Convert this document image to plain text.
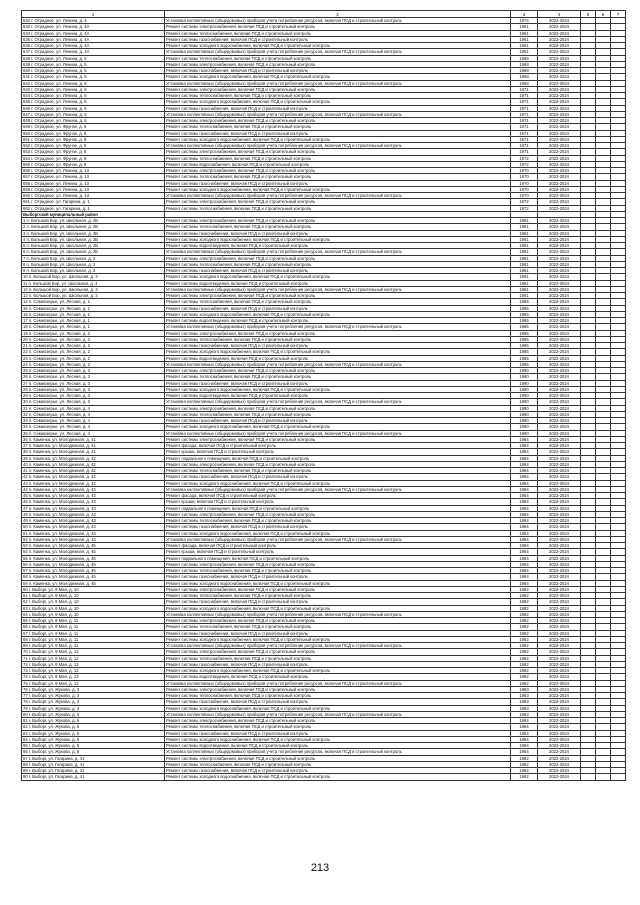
1	2	3	4	5	6	7
632 г. Отрадное, ул. Ленина, д. 4	Установка коллективных (общедомовых) приборов учета потребления ресурсов, включая ПСД и строительный контроль	1974	2022-2024			
633 г. Отрадное, ул. Ленина, д. 4А	Ремонт системы электроснабжения, включая ПСД и строительный контроль	1961	2022-2024			
634 г. Отрадное, ул. Ленина, д. 4А	Ремонт системы теплоснабжения, включая ПСД и строительный контроль	1961	2022-2024			
635 г. Отрадное, ул. Ленина, д. 4А	Ремонт системы газоснабжения, включая ПСД и строительный контроль	1961	2022-2024			
636 г. Отрадное, ул. Ленина, д. 4А	Ремонт системы холодного водоснабжения, включая ПСД и строительный контроль	1961	2022-2024			
637 г. Отрадное, ул. Ленина, д. 4А	Установка коллективных (общедомовых) приборов учета потребления ресурсов, включая ПСД и строительный контроль	1961	2022-2024			
638 г. Отрадное, ул. Ленина, д. 5	Ремонт системы теплоснабжения, включая ПСД и строительный контроль	1968	2022-2024			
639 г. Отрадное, ул. Ленина, д. 5	Ремонт системы электроснабжения, включая ПСД и строительный контроль	1968	2022-2024			
640 г. Отрадное, ул. Ленина, д. 5	Ремонт системы газоснабжения, включая ПСД и строительный контроль	1968	2022-2024			
641 г. Отрадное, ул. Ленина, д. 5	Ремонт системы холодного водоснабжения, включая ПСД и строительный контроль	1968	2022-2024			
642 г. Отрадное, ул. Ленина, д. 5	Установка коллективных (общедомовых) приборов учета потребления ресурсов, включая ПСД и строительный контроль	1968	2022-2024			
643 г. Отрадное, ул. Ленина, д. 6	Ремонт системы электроснабжения, включая ПСД и строительный контроль	1971	2022-2024			
644 г. Отрадное, ул. Ленина, д. 6	Ремонт системы теплоснабжения, включая ПСД и строительный контроль	1971	2022-2024			
645 г. Отрадное, ул. Ленина, д. 6	Ремонт системы холодного водоснабжения, включая ПСД и строительный контроль	1971	2022-2024			
646 г. Отрадное, ул. Ленина, д. 6	Ремонт системы газоснабжения, включая ПСД и строительный контроль	1971	2022-2024			
647 г. Отрадное, ул. Ленина, д. 6	Установка коллективных (общедомовых) приборов учета потребления ресурсов, включая ПСД и строительный контроль	1971	2022-2024			
648 г. Отрадное, ул. Ленина, д. 6	Ремонт системы электроснабжения, включая ПСД и строительный контроль	1971	2022-2024			
649 г. Отрадное, ул. Фрунзе, д. 8	Ремонт системы теплоснабжения, включая ПСД и строительный контроль	1971	2022-2024			
650 г. Отрадное, ул. Фрунзе, д. 8	Ремонт системы газоснабжения, включая ПСД и строительный контроль	1971	2022-2024			
651 г. Отрадное, ул. Фрунзе, д. 8	Ремонт системы холодного водоснабжения, включая ПСД и строительный контроль	1971	2022-2024			
652 г. Отрадное, ул. Фрунзе, д. 8	Установка коллективных (общедомовых) приборов учета потребления ресурсов, включая ПСД и строительный контроль	1971	2022-2024			
653 г. Отрадное, ул. Фрунзе, д. 8	Ремонт системы электроснабжения, включая ПСД и строительный контроль	1971	2022-2024			
654 г. Отрадное, ул. Фрунзе, д. 8	Ремонт системы теплоснабжения, включая ПСД и строительный контроль	1972	2022-2024			
655 г. Отрадное, ул. Фрунзе, д. 8	Ремонт системы водоснабжения, включая ПСД и строительный контроль	1972	2022-2024			
656 г. Отрадное, ул. Ленина, д. 13	Ремонт системы электроснабжения, включая ПСД и строительный контроль	1970	2022-2024			
657 г. Отрадное, ул. Ленина, д. 13	Ремонт системы теплоснабжения, включая ПСД и строительный контроль	1970	2022-2024			
658 г. Отрадное, ул. Ленина, д. 13	Ремонт системы газоснабжения, включая ПСД и строительный контроль	1970	2022-2024			
659 г. Отрадное, ул. Ленина, д. 13	Ремонт системы холодного водоснабжения, включая ПСД и строительный контроль	1970	2022-2024			
660 г. Отрадное, ул. Ленина, д. 13	Установка коллективных (общедомовых) приборов учета потребления ресурсов, включая ПСД и строительный контроль	1970	2022-2024			
661 г. Отрадное, ул. Гагарина, д. 1	Ремонт системы электроснабжения, включая ПСД и строительный контроль	1972	2022-2024			
662 г. Отрадное, ул. Гагарина, д. 1	Ремонт системы теплоснабжения, включая ПСД и строительный контроль	1972	2022-2024			
Выборгский муниципальный район						
1 п. Большой Бор, ул. Школьная, д. 2Б	Ремонт системы электроснабжения, включая ПСД и строительный контроль	1981	2022-2024			
2 п. Большой Бор, ул. Школьная, д. 2Б	Ремонт системы теплоснабжения, включая ПСД и строительный контроль	1981	2022-2024			
3 п. Большой Бор, ул. Школьная, д. 2Б	Ремонт системы газоснабжения, включая ПСД и строительный контроль	1981	2022-2024			
4 п. Большой Бор, ул. Школьная, д. 2Б	Ремонт системы холодного водоснабжения, включая ПСД и строительный контроль	1981	2022-2024			
5 п. Большой Бор, ул. Школьная, д. 2Б	Ремонт системы водоотведения, включая ПСД и строительный контроль	1981	2022-2024			
6 п. Большой Бор, ул. Школьная, д. 2Б	Установка коллективных (общедомовых) приборов учета потребления ресурсов, включая ПСД и строительный контроль	1981	2022-2024			
7 п. Большой Бор, ул. Школьная, д. 3	Ремонт системы электроснабжения, включая ПСД и строительный контроль	1981	2022-2024			
8 п. Большой Бор, ул. Школьная, д. 3	Ремонт системы теплоснабжения, включая ПСД и строительный контроль	1981	2022-2024			
9 п. Большой Бор, ул. Школьная, д. 3	Ремонт системы газоснабжения, включая ПСД и строительный контроль	1981	2022-2024			
10 п. Большой Бор, ул. Школьная, д. 3	Ремонт системы холодного водоснабжения, включая ПСД и строительный контроль	1981	2022-2024			
11 п. Большой Бор, ул. Школьная, д. 3	Ремонт системы водоотведения, включая ПСД и строительный контроль	1981	2022-2024			
12 п. Большой Бор, ул. Школьная, д. 3	Установка коллективных (общедомовых) приборов учета потребления ресурсов, включая ПСД и строительный контроль	1981	2022-2024			
13 п. Большой Бор, ул. Школьная, д. 3	Ремонт системы электроснабжения, включая ПСД и строительный контроль	1981	2022-2024			
14 п. Семиозерье, ул. Лесная, д. 1	Ремонт системы теплоснабжения, включая ПСД и строительный контроль	1985	2022-2024			
15 п. Семиозерье, ул. Лесная, д. 1	Ремонт системы газоснабжения, включая ПСД и строительный контроль	1985	2022-2024			
16 п. Семиозерье, ул. Лесная, д. 1	Ремонт системы холодного водоснабжения, включая ПСД и строительный контроль	1985	2022-2024			
17 п. Семиозерье, ул. Лесная, д. 1	Ремонт системы водоотведения, включая ПСД и строительный контроль	1985	2022-2024			
18 п. Семиозерье, ул. Лесная, д. 1	Установка коллективных (общедомовых) приборов учета потребления ресурсов, включая ПСД и строительный контроль	1985	2022-2024			
19 п. Семиозерье, ул. Лесная, д. 2	Ремонт системы электроснабжения, включая ПСД и строительный контроль	1985	2022-2024			
20 п. Семиозерье, ул. Лесная, д. 2	Ремонт системы теплоснабжения, включая ПСД и строительный контроль	1985	2022-2024			
21 п. Семиозерье, ул. Лесная, д. 2	Ремонт системы газоснабжения, включая ПСД и строительный контроль	1985	2022-2024			
22 п. Семиозерье, ул. Лесная, д. 2	Ремонт системы холодного водоснабжения, включая ПСД и строительный контроль	1985	2022-2024			
23 п. Семиозерье, ул. Лесная, д. 2	Ремонт системы водоотведения, включая ПСД и строительный контроль	1985	2022-2024			
24 п. Семиозерье, ул. Лесная, д. 2	Установка коллективных (общедомовых) приборов учета потребления ресурсов, включая ПСД и строительный контроль	1985	2022-2024			
25 п. Семиозерье, ул. Лесная, д. 3	Ремонт системы электроснабжения, включая ПСД и строительный контроль	1990	2022-2024			
26 п. Семиозерье, ул. Лесная, д. 3	Ремонт системы теплоснабжения, включая ПСД и строительный контроль	1990	2022-2024			
27 п. Семиозерье, ул. Лесная, д. 3	Ремонт системы газоснабжения, включая ПСД и строительный контроль	1990	2022-2024			
28 п. Семиозерье, ул. Лесная, д. 3	Ремонт системы холодного водоснабжения, включая ПСД и строительный контроль	1990	2022-2024			
29 п. Семиозерье, ул. Лесная, д. 3	Ремонт системы водоотведения, включая ПСД и строительный контроль	1990	2022-2024			
30 п. Семиозерье, ул. Лесная, д. 3	Установка коллективных (общедомовых) приборов учета потребления ресурсов, включая ПСД и строительный контроль	1990	2022-2024			
31 п. Семиозерье, ул. Лесная, д. 4	Ремонт системы электроснабжения, включая ПСД и строительный контроль	1990	2022-2024			
32 п. Семиозерье, ул. Лесная, д. 4	Ремонт системы теплоснабжения, включая ПСД и строительный контроль	1990	2022-2024			
33 п. Семиозерье, ул. Лесная, д. 4	Ремонт системы газоснабжения, включая ПСД и строительный контроль	1990	2022-2024			
34 п. Семиозерье, ул. Лесная, д. 4	Ремонт системы холодного водоснабжения, включая ПСД и строительный контроль	1990	2022-2024			
35 п. Семиозерье, ул. Лесная, д. 4	Установка коллективных (общедомовых) приборов учета потребления ресурсов, включая ПСД и строительный контроль	1990	2022-2024			
36 п. Каменка, ул. Молодежная, д. 41	Ремонт системы электроснабжения, включая ПСД и строительный контроль	1984	2022-2024			
37 п. Каменка, ул. Молодежная, д. 41	Ремонт фасада, включая ПСД и строительный контроль	1984	2022-2024			
38 п. Каменка, ул. Молодежная, д. 41	Ремонт крыши, включая ПСД и строительный контроль	1984	2022-2024			
39 п. Каменка, ул. Молодежная, д. 42	Ремонт подвального помещения, включая ПСД и строительный контроль	1984	2022-2024			
40 п. Каменка, ул. Молодежная, д. 42	Ремонт системы электроснабжения, включая ПСД и строительный контроль	1984	2022-2024			
41 п. Каменка, ул. Молодежная, д. 42	Ремонт системы теплоснабжения, включая ПСД и строительный контроль	1984	2022-2024			
42 п. Каменка, ул. Молодежная, д. 42	Ремонт системы газоснабжения, включая ПСД и строительный контроль	1984	2022-2024			
43 п. Каменка, ул. Молодежная, д. 42	Ремонт системы холодного водоснабжения, включая ПСД и строительный контроль	1984	2022-2024			
44 п. Каменка, ул. Молодежная, д. 42	Установка коллективных (общедомовых) приборов учета потребления ресурсов, включая ПСД и строительный контроль	1984	2022-2024			
45 п. Каменка, ул. Молодежная, д. 43	Ремонт фасада, включая ПСД и строительный контроль	1984	2022-2024			
46 п. Каменка, ул. Молодежная, д. 43	Ремонт крыши, включая ПСД и строительный контроль	1984	2022-2024			
47 п. Каменка, ул. Молодежная, д. 43	Ремонт подвального помещения, включая ПСД и строительный контроль	1984	2022-2024			
48 п. Каменка, ул. Молодежная, д. 43	Ремонт системы электроснабжения, включая ПСД и строительный контроль	1984	2022-2024			
49 п. Каменка, ул. Молодежная, д. 43	Ремонт системы теплоснабжения, включая ПСД и строительный контроль	1984	2022-2024			
50 п. Каменка, ул. Молодежная, д. 43	Ремонт системы газоснабжения, включая ПСД и строительный контроль	1984	2022-2024			
51 п. Каменка, ул. Молодежная, д. 43	Ремонт системы холодного водоснабжения, включая ПСД и строительный контроль	1984	2022-2024			
52 п. Каменка, ул. Молодежная, д. 43	Установка коллективных (общедомовых) приборов учета потребления ресурсов, включая ПСД и строительный контроль	1984	2022-2024			
53 п. Каменка, ул. Молодежная, д. 45	Ремонт фасада, включая ПСД и строительный контроль	1984	2022-2024			
54 п. Каменка, ул. Молодежная, д. 45	Ремонт крыши, включая ПСД и строительный контроль	1984	2022-2024			
55 п. Каменка, ул. Молодежная, д. 45	Ремонт подвального помещения, включая ПСД и строительный контроль	1984	2022-2024			
56 п. Каменка, ул. Молодежная, д. 45	Ремонт системы электроснабжения, включая ПСД и строительный контроль	1984	2022-2024			
57 п. Каменка, ул. Молодежная, д. 45	Ремонт системы теплоснабжения, включая ПСД и строительный контроль	1984	2022-2024			
58 п. Каменка, ул. Молодежная, д. 45	Ремонт системы газоснабжения, включая ПСД и строительный контроль	1984	2022-2024			
59 п. Каменка, ул. Молодежная, д. 45	Ремонт системы холодного водоснабжения, включая ПСД и строительный контроль	1984	2022-2024			
60 г. Выборг, ул. 9 Мая, д. 10	Ремонт системы электроснабжения, включая ПСД и строительный контроль	1982	2022-2024			
61 г. Выборг, ул. 9 Мая, д. 10	Ремонт системы теплоснабжения, включая ПСД и строительный контроль	1982	2022-2024			
62 г. Выборг, ул. 9 Мая, д. 10	Ремонт системы газоснабжения, включая ПСД и строительный контроль	1982	2022-2024			
63 г. Выборг, ул. 9 Мая, д. 10	Ремонт системы холодного водоснабжения, включая ПСД и строительный контроль	1982	2022-2024			
64 г. Выборг, ул. 9 Мая, д. 10	Установка коллективных (общедомовых) приборов учета потребления ресурсов, включая ПСД и строительный контроль	1982	2022-2024			
65 г. Выборг, ул. 9 Мая, д. 11	Ремонт системы электроснабжения, включая ПСД и строительный контроль	1982	2022-2024			
66 г. Выборг, ул. 9 Мая, д. 11	Ремонт системы теплоснабжения, включая ПСД и строительный контроль	1982	2022-2024			
67 г. Выборг, ул. 9 Мая, д. 11	Ремонт системы газоснабжения, включая ПСД и строительный контроль	1982	2022-2024			
68 г. Выборг, ул. 9 Мая, д. 11	Ремонт системы холодного водоснабжения, включая ПСД и строительный контроль	1982	2022-2024			
69 г. Выборг, ул. 9 Мая, д. 11	Установка коллективных (общедомовых) приборов учета потребления ресурсов, включая ПСД и строительный контроль	1982	2022-2024			
70 г. Выборг, ул. 9 Мая, д. 12	Ремонт системы электроснабжения, включая ПСД и строительный контроль	1982	2022-2024			
71 г. Выборг, ул. 9 Мая, д. 12	Ремонт системы теплоснабжения, включая ПСД и строительный контроль	1982	2022-2024			
72 г. Выборг, ул. 9 Мая, д. 12	Ремонт системы газоснабжения, включая ПСД и строительный контроль	1982	2022-2024			
73 г. Выборг, ул. 9 Мая, д. 12	Ремонт системы холодного водоснабжения, включая ПСД и строительный контроль	1982	2022-2024			
74 г. Выборг, ул. 9 Мая, д. 12	Ремонт системы водоотведения, включая ПСД и строительный контроль	1982	2022-2024			
75 г. Выборг, ул. 9 Мая, д. 12	Установка коллективных (общедомовых) приборов учета потребления ресурсов, включая ПСД и строительный контроль	1982	2022-2024			
76 г. Выборг, ул. Жукова, д. 3	Ремонт системы электроснабжения, включая ПСД и строительный контроль	1983	2022-2024			
77 г. Выборг, ул. Жукова, д. 3	Ремонт системы теплоснабжения, включая ПСД и строительный контроль	1983	2022-2024			
78 г. Выборг, ул. Жукова, д. 3	Ремонт системы газоснабжения, включая ПСД и строительный контроль	1983	2022-2024			
79 г. Выборг, ул. Жукова, д. 3	Ремонт системы холодного водоснабжения, включая ПСД и строительный контроль	1983	2022-2024			
80 г. Выборг, ул. Жукова, д. 3	Установка коллективных (общедомовых) приборов учета потребления ресурсов, включая ПСД и строительный контроль	1983	2022-2024			
81 г. Выборг, ул. Жукова, д. 5	Ремонт системы электроснабжения, включая ПСД и строительный контроль	1984	2022-2024			
82 г. Выборг, ул. Жукова, д. 5	Ремонт системы теплоснабжения, включая ПСД и строительный контроль	1984	2022-2024			
83 г. Выборг, ул. Жукова, д. 5	Ремонт системы газоснабжения, включая ПСД и строительный контроль	1984	2022-2024			
84 г. Выборг, ул. Жукова, д. 5	Ремонт системы холодного водоснабжения, включая ПСД и строительный контроль	1984	2022-2024			
85 г. Выборг, ул. Жукова, д. 5	Ремонт системы водоотведения, включая ПСД и строительный контроль	1984	2022-2024			
86 г. Выборг, ул. Жукова, д. 5	Установка коллективных (общедомовых) приборов учета потребления ресурсов, включая ПСД и строительный контроль	1984	2022-2024			
87 г. Выборг, ул. Гагарина, д. 41	Ремонт системы электроснабжения, включая ПСД и строительный контроль	1982	2022-2024			
88 г. Выборг, ул. Гагарина, д. 41	Ремонт системы теплоснабжения, включая ПСД и строительный контроль	1982	2022-2024			
89 г. Выборг, ул. Гагарина, д. 41	Ремонт системы газоснабжения, включая ПСД и строительный контроль	1982	2022-2024			
90 г. Выборг, ул. Гагарина, д. 41	Ремонт системы холодного водоснабжения, включая ПСД и строительный контроль	1982	2022-2024			
213
